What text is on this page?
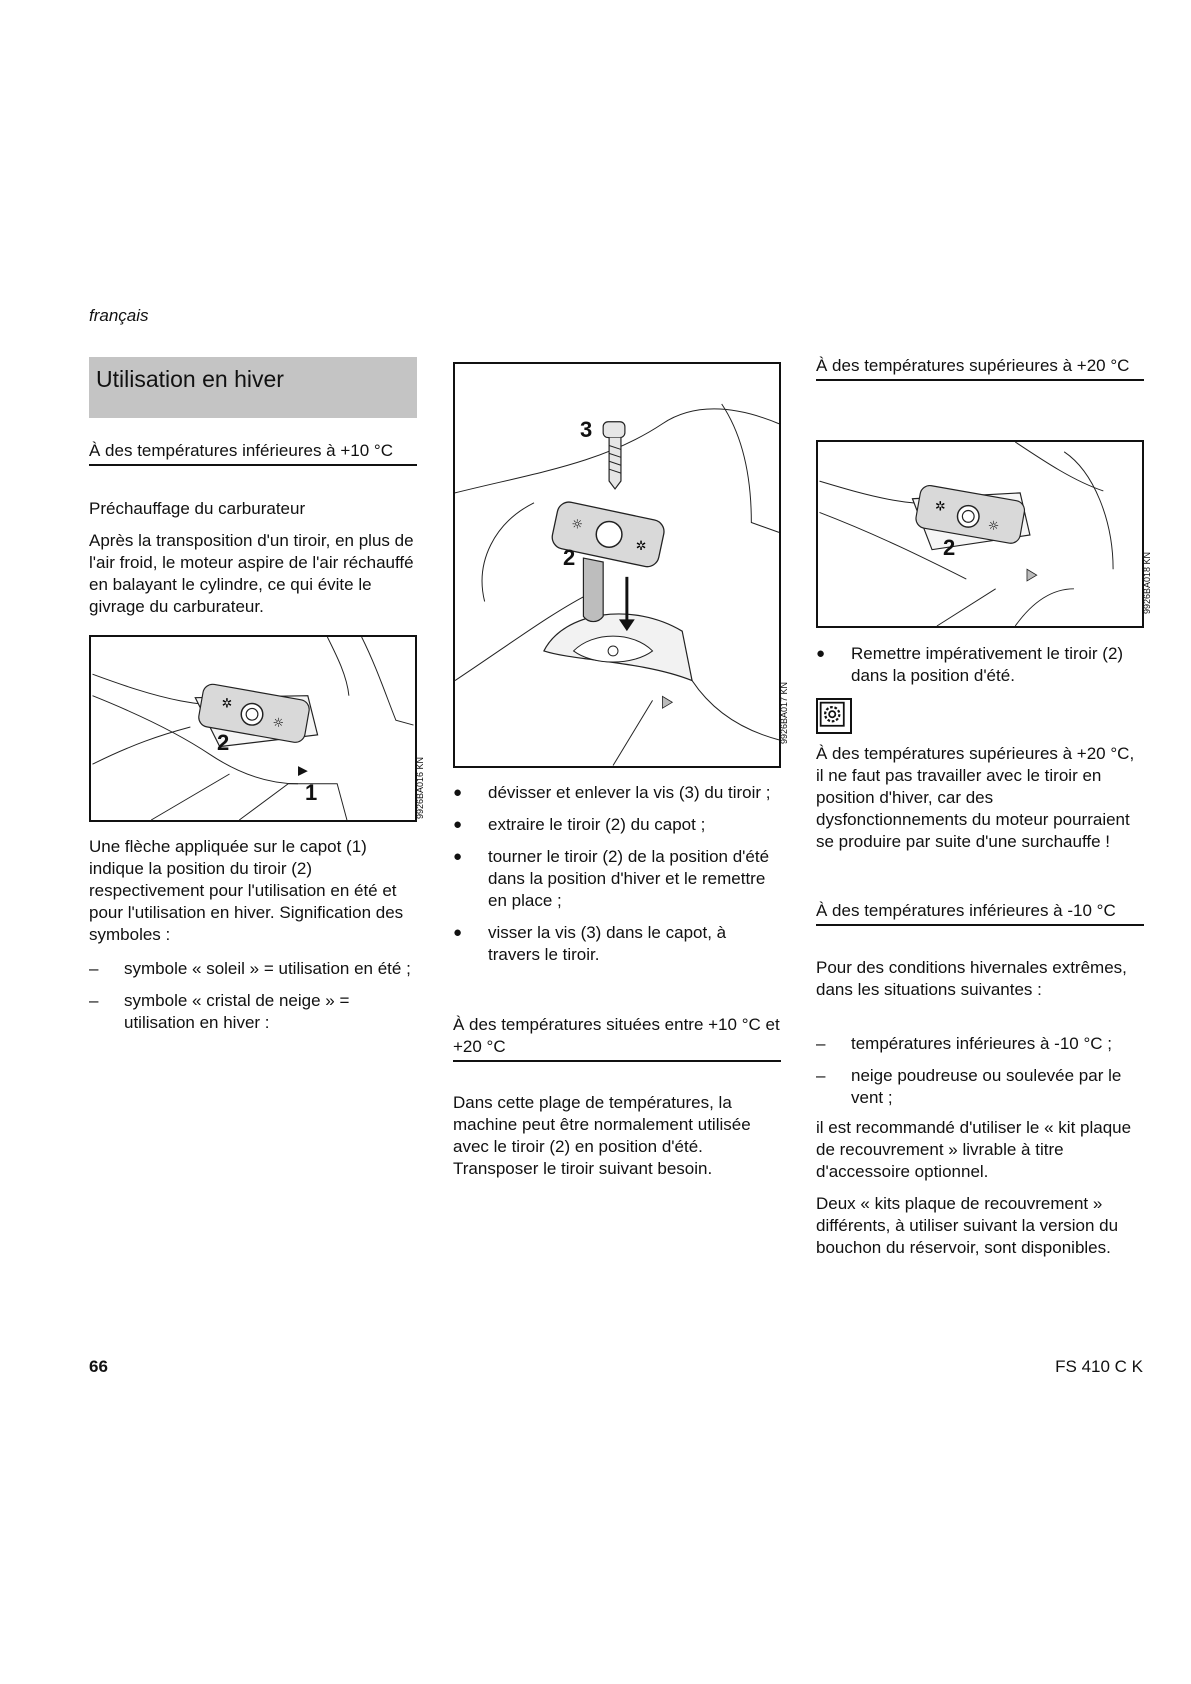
français
Utilisation en hiver
À des températures inférieures à +10 °C
Préchauffage du carburateur

Après la transposition d'un tiroir, en plus de l'air froid, le moteur aspire de l'air réchauffé en balayant le cylindre, ce qui évite le givrage du carburateur.

✲
☼
2
1	9926BA016 KN

Une flèche appliquée sur le capot (1) indique la position du tiroir (2) respectivement pour l'utilisation en été et pour l'utilisation en hiver. Signification des symboles :

–	symbole « soleil » = utilisation en été ;
–	symbole « cristal de neige » = utilisation en hiver :
☼
✲
3
2
9926BA017 KN
●	dévisser et enlever la vis (3) du tiroir ;
●	extraire le tiroir (2) du capot ;
●	tourner le tiroir (2) de la position d'été dans la position d'hiver et le remettre en place ;
●	visser la vis (3) dans le capot, à travers le tiroir.
À des températures situées entre +10 °C et +20 °C

Dans cette plage de températures, la machine peut être normalement utilisée avec le tiroir (2) en position d'été. Transposer le tiroir suivant besoin.

À des températures supérieures à +20 °C
✲
☼
2
9926BA018 KN
●	Remettre impérativement le tiroir (2) dans la position d'été.

À des températures supérieures à +20 °C, il ne faut pas travailler avec le tiroir en position d'hiver, car des dysfonctionnements du moteur pourraient se produire par suite d'une surchauffe !

À des températures inférieures à -10 °C

Pour des conditions hivernales extrêmes, dans les situations suivantes :

–	températures inférieures à -10 °C ;
–	neige poudreuse ou soulevée par le vent ;

il est recommandé d'utiliser le « kit plaque de recouvrement » livrable à titre d'accessoire optionnel.

Deux « kits plaque de recouvrement » différents, à utiliser suivant la version du bouchon du réservoir, sont disponibles.

66	FS 410 C K
